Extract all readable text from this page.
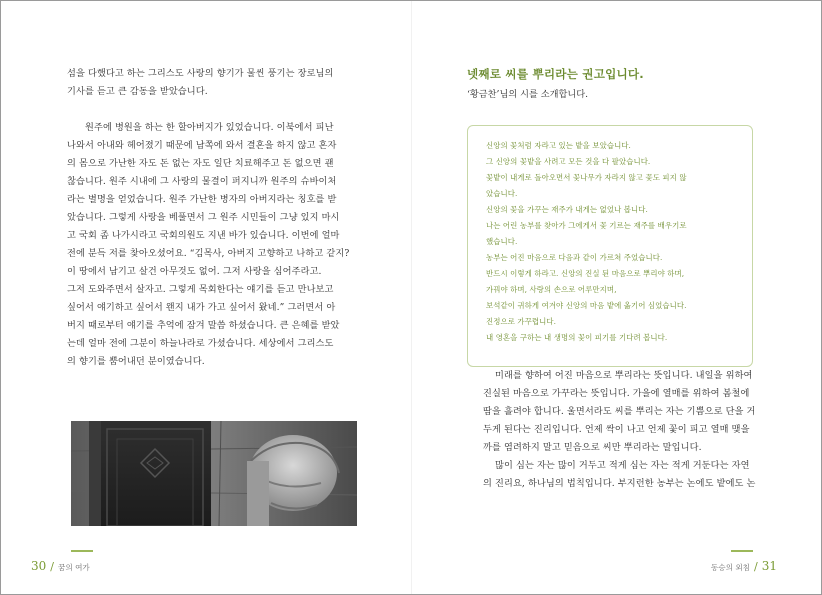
섬을 다했다고 하는 그리스도 사랑의 향기가 물씬 풍기는 장로님의
기사를 듣고 큰 감동을 받았습니다.

원주에 병원을 하는 한 할아버지가 있었습니다. 이북에서 피난
나와서 아내와 헤어졌기 때문에 남쪽에 와서 결혼을 하지 않고 혼자
의 몸으로 가난한 자도 돈 없는 자도 일단 치료해주고 돈 없으면 괜
찮습니다. 원주 시내에 그 사랑의 물결이 퍼지니까 원주의 슈바이처
라는 별명을 얻었습니다. 원주 가난한 병자의 아버지라는 칭호를 받
았습니다. 그렇게 사랑을 베풀면서 그 원주 시민들이 그냥 있지 마시
고 국회 좀 나가시라고 국회의원도 지낸 바가 있습니다. 이번에 얼마
전에 분득 저를 찾아오셨어요. “김목사, 아버지 고향하고 나하고 같지?
이 땅에서 남기고 살건 아무것도 없어. 그저 사랑을 심어주라고.
그저 도와주면서 살자고. 그렇게 목회한다는 얘기를 듣고 만나보고
싶어서 얘기하고 싶어서 왠지 내가 가고 싶어서 왔네.” 그러면서 아
버지 때로부터 얘기를 추억에 잠겨 말씀 하셨습니다. 큰 은혜를 받았
는데 얼마 전에 그분이 하늘나라로 가셨습니다. 세상에서 그리스도
의 향기를 뿜어내던 분이였습니다.

넷째로 씨를 뿌리라는 권고입니다.

‘황금찬’님의 시를 소개합니다.

신앙의 꽃처럼 자라고 있는 밭을 보았습니다.
그 신앙의 꽃밭을 사려고 모든 것을 다 팔았습니다.
꽃밭이 내게로 돌아오면서 꽃나무가 자라지 않고 꽃도 피지 않
았습니다.
신앙의 꽃을 가꾸는 재주가 내게는 없었나 봅니다.
나는 어린 농부를 찾아가 그에게서 꽃 기르는 재주를 배우기로
했습니다.
농부는 어진 마음으로 다음과 같이 가르쳐 주었습니다.
반드시 이렇게 하라고. 신앙의 진실 된 마음으로 뿌리야 하며,
가꿔야 하며, 사랑의 손으로 어루만지며,
보석같이 귀하게 여겨야 신앙의 마음 밭에 옮기어 심었습니다.
진정으로 가꾸렵니다.
내 영혼을 구하는 내 생명의 꽃이 피기를 기다려 봅니다.

미래를 향하여 어진 마음으로 뿌리라는 뜻입니다. 내일을 위하여
진실된 마음으로 가꾸라는 뜻입니다. 가을에 열매를 위하여 봄철에
땀을 흘려야 합니다. 울면서라도 씨를 뿌리는 자는 기쁨으로 단을 거
두게 된다는 진리입니다. 언제 싹이 나고 언제 꽃이 피고 열매 맺을
까를 염려하지 말고 믿음으로 씨만 뿌리라는 말입니다.
많이 심는 자는 많이 거두고 적게 심는 자는 적게 거둔다는 자연
의 진리요, 하나님의 법칙입니다. 부지런한 농부는 논에도 밭에도 논

30 / 꿈의 여가	동승의 외침 / 31
